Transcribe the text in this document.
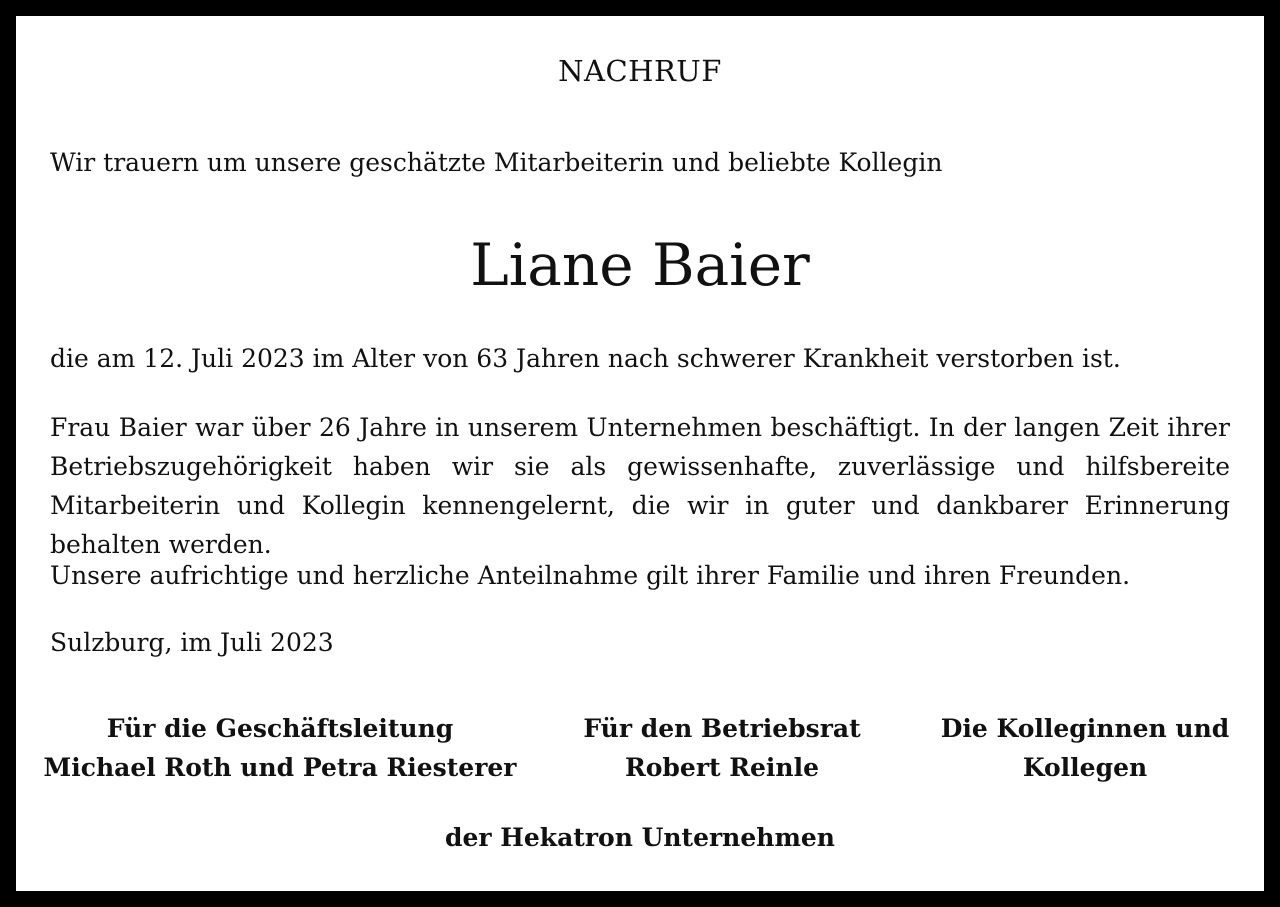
NACHRUF

Wir trauern um unsere geschätzte Mitarbeiterin und beliebte Kollegin

Liane Baier

die am 12. Juli 2023 im Alter von 63 Jahren nach schwerer Krankheit verstorben ist.

Frau Baier war über 26 Jahre in unserem Unternehmen beschäftigt. In der langen Zeit ihrer Betriebszugehörigkeit haben wir sie als gewissenhafte, zuverlässige und hilfsbereite Mitarbeiterin und Kollegin kennengelernt, die wir in guter und dankbarer Erinnerung behalten werden.

Unsere aufrichtige und herzliche Anteilnahme gilt ihrer Familie und ihren Freunden.

Sulzburg, im Juli 2023

Für die Geschäftsleitung
Michael Roth und Petra Riesterer
Für den Betriebsrat
Robert Reinle
Die Kolleginnen und
Kollegen
der Hekatron Unternehmen
